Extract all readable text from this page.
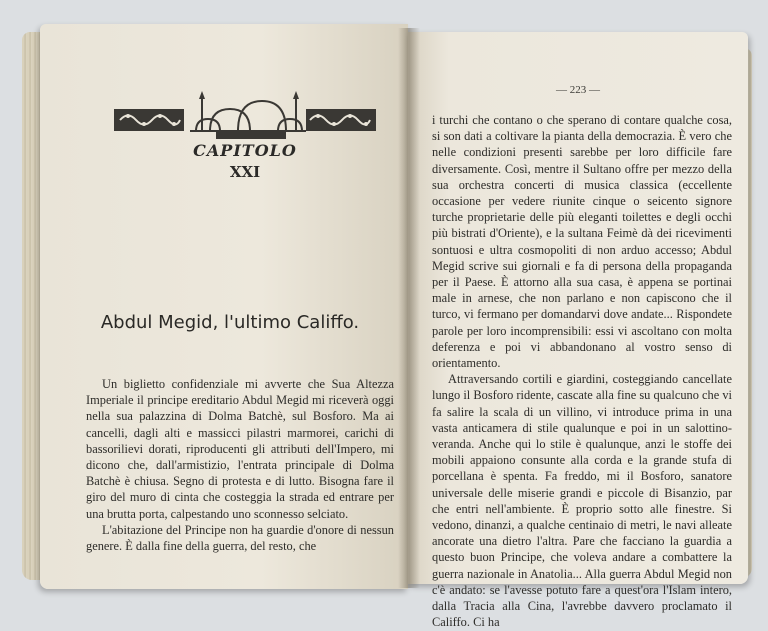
CAPITOLO
XXI
Abdul Megid, l'ultimo Califfo.

Un biglietto confidenziale mi avverte che Sua Altezza Imperiale il principe ereditario Abdul Megid mi riceverà oggi nella sua palazzina di Dolma Batchè, sul Bosforo. Ma ai cancelli, dagli alti e massicci pilastri marmorei, carichi di bassorilievi dorati, riproducenti gli attributi dell'Impero, mi dicono che, dall'armistizio, l'entrata principale di Dolma Batchè è chiusa. Segno di protesta e di lutto. Bisogna fare il giro del muro di cinta che costeggia la strada ed entrare per una brutta porta, calpestando uno sconnesso selciato.

L'abitazione del Principe non ha guardie d'onore di nessun genere. È dalla fine della guerra, del resto, che

— 223 —

i turchi che contano o che sperano di contare qualche cosa, si son dati a coltivare la pianta della democrazia. È vero che nelle condizioni presenti sarebbe per loro difficile fare diversamente. Così, mentre il Sultano offre per mezzo della sua orchestra concerti di musica classica (eccellente occasione per vedere riunite cinque o seicento signore turche proprietarie delle più eleganti toilettes e degli occhi più bistrati d'Oriente), e la sultana Feimè dà dei ricevimenti sontuosi e ultra cosmopoliti di non arduo accesso; Abdul Megid scrive sui giornali e fa di persona della propaganda per il Paese. È attorno alla sua casa, è appena se portinai male in arnese, che non parlano e non capiscono che il turco, vi fermano per domandarvi dove andate... Rispondete parole per loro incomprensibili: essi vi ascoltano con molta deferenza e poi vi abbandonano al vostro senso di orientamento.

Attraversando cortili e giardini, costeggiando cancellate lungo il Bosforo ridente, cascate alla fine su qualcuno che vi fa salire la scala di un villino, vi introduce prima in una vasta anticamera di stile qualunque e poi in un salottino-veranda. Anche qui lo stile è qualunque, anzi le stoffe dei mobili appaiono consunte alla corda e la grande stufa di porcellana è spenta. Fa freddo, mi il Bosforo, sanatore universale delle miserie grandi e piccole di Bisanzio, par che entri nell'ambiente. È proprio sotto alle finestre. Si vedono, dinanzi, a qualche centinaio di metri, le navi alleate ancorate una dietro l'altra. Pare che facciano la guardia a questo buon Principe, che voleva andare a combattere la guerra nazionale in Anatolia... Alla guerra Abdul Megid non c'è andato: se l'avesse potuto fare a quest'ora l'Islam intero, dalla Tracia alla Cina, l'avrebbe davvero proclamato il Califfo. Ci ha
